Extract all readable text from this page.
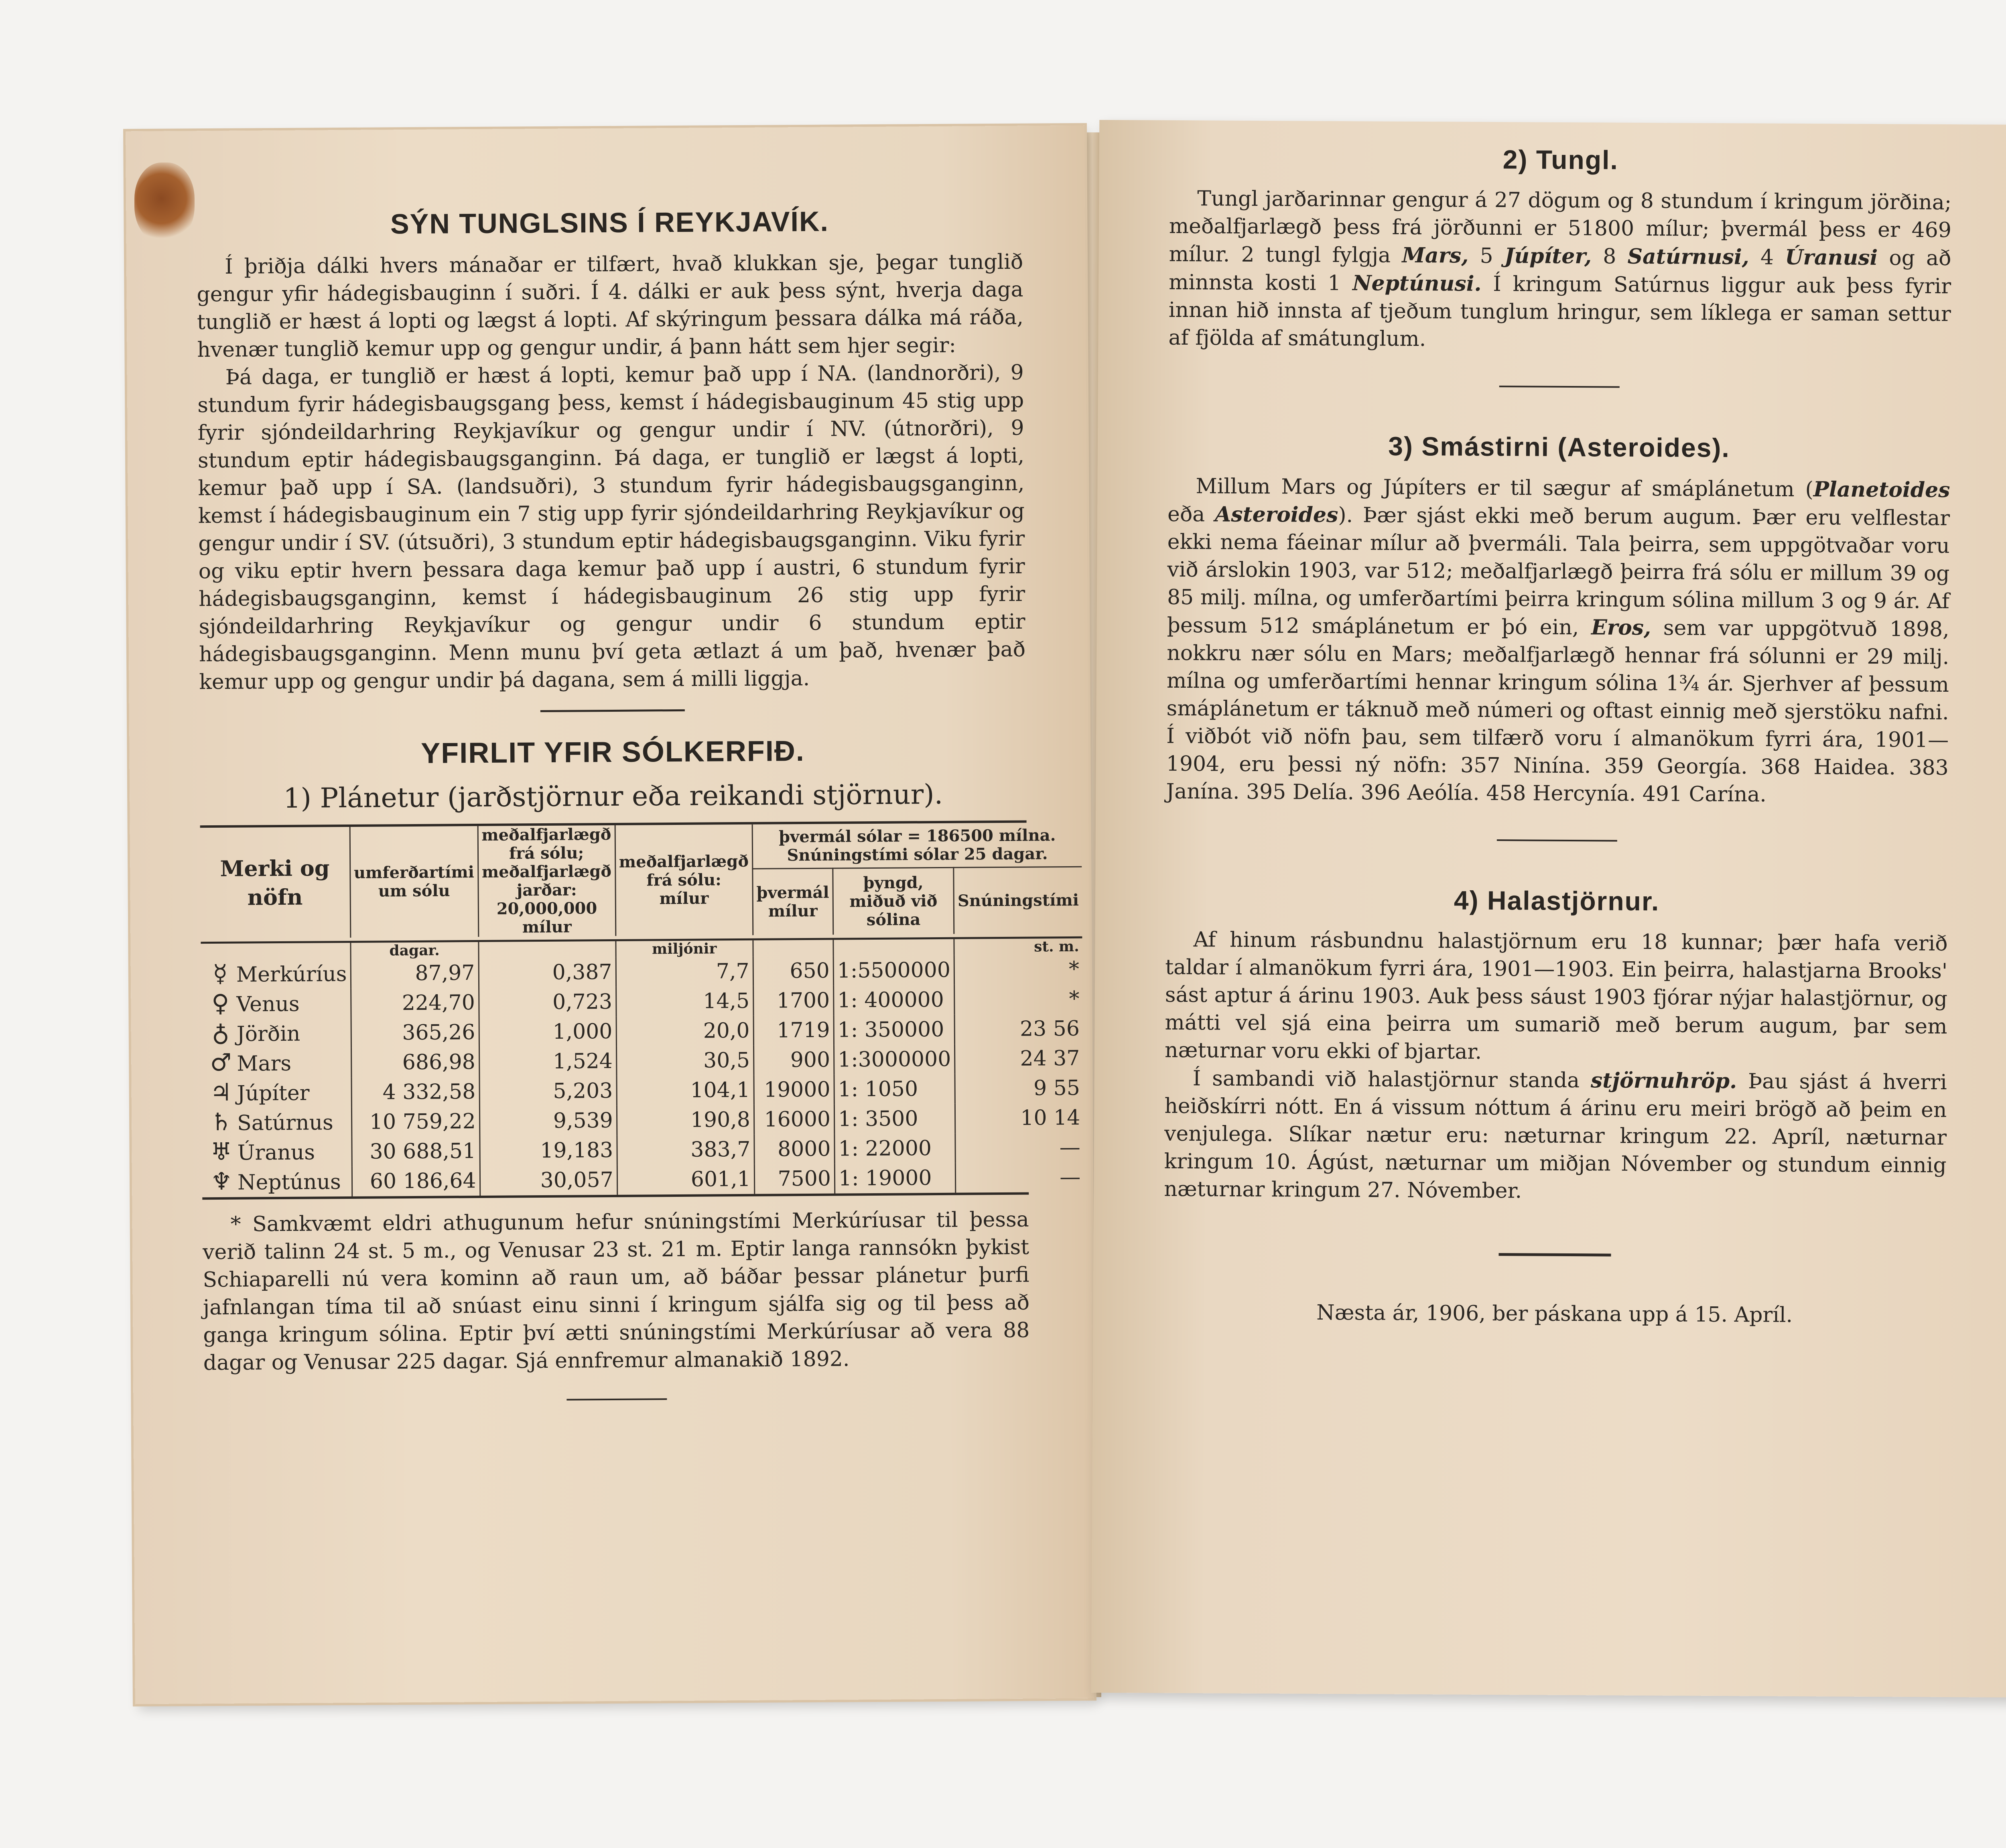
SÝN TUNGLSINS Í REYKJAVÍK.

Í þriðja dálki hvers mánaðar er tilfært, hvað klukkan sje, þegar tunglið gengur yfir hádegisbauginn í suðri. Í 4. dálki er auk þess sýnt, hverja daga tunglið er hæst á lopti og lægst á lopti. Af skýringum þessara dálka má ráða, hvenær tunglið kemur upp og gengur undir, á þann hátt sem hjer segir:

Þá daga, er tunglið er hæst á lopti, kemur það upp í NA. (landnorðri), 9 stundum fyrir hádegisbaugsgang þess, kemst í hádegisbauginum 45 stig upp fyrir sjóndeildarhring Reykjavíkur og gengur undir í NV. (útnorðri), 9 stundum eptir hádegisbaugsganginn. Þá daga, er tunglið er lægst á lopti, kemur það upp í SA. (landsuðri), 3 stundum fyrir hádegisbaugsganginn, kemst í hádegisbauginum ein 7 stig upp fyrir sjóndeildarhring Reykjavíkur og gengur undir í SV. (útsuðri), 3 stundum eptir hádegisbaugsganginn. Viku fyrir og viku eptir hvern þessara daga kemur það upp í austri, 6 stundum fyrir hádegisbaugsganginn, kemst í hádegisbauginum 26 stig upp fyrir sjóndeildarhring Reykjavíkur og gengur undir 6 stundum eptir hádegisbaugsganginn. Menn munu því geta ætlazt á um það, hvenær það kemur upp og gengur undir þá dagana, sem á milli liggja.

YFIRLIT YFIR SÓLKERFIÐ.

1) Plánetur (jarðstjörnur eða reikandi stjörnur).

Merki og nöfn	umferðartími um sólu	meðalfjarlægð frá sólu; meðalfjarlægð jarðar: 20,000,000 mílur	meðalfjarlægð frá sólu: mílur	þvermál sólar = 186500 mílna. Snúningstími sólar 25 dagar.		
				þvermál mílur	þyngd, miðuð við sólina	Snúningstími

	dagar.		miljónir			st. m.
☿ Merkúríus	87,97	0,387	7,7	650	1:5500000	*
♀ Venus	224,70	0,723	14,5	1700	1: 400000	*
♁ Jörðin	365,26	1,000	20,0	1719	1: 350000	23 56
♂ Mars	686,98	1,524	30,5	900	1:3000000	24 37
♃ Júpíter	4 332,58	5,203	104,1	19000	1: 1050	9 55
♄ Satúrnus	10 759,22	9,539	190,8	16000	1: 3500	10 14
♅ Úranus	30 688,51	19,183	383,7	8000	1: 22000	—
♆ Neptúnus	60 186,64	30,057	601,1	7500	1: 19000	—

* Samkvæmt eldri athugunum hefur snúningstími Merkúríusar til þessa verið talinn 24 st. 5 m., og Venusar 23 st. 21 m. Eptir langa rannsókn þykist Schiaparelli nú vera kominn að raun um, að báðar þessar plánetur þurfi jafnlangan tíma til að snúast einu sinni í kringum sjálfa sig og til þess að ganga kringum sólina. Eptir því ætti snúningstími Merkúríusar að vera 88 dagar og Venusar 225 dagar. Sjá ennfremur almanakið 1892.

2) Tungl.

Tungl jarðarinnar gengur á 27 dögum og 8 stundum í kringum jörðina; meðalfjarlægð þess frá jörðunni er 51800 mílur; þvermál þess er 469 mílur. 2 tungl fylgja Mars, 5 Júpíter, 8 Satúrnusi, 4 Úranusi og að minnsta kosti 1 Neptúnusi. Í kringum Satúrnus liggur auk þess fyrir innan hið innsta af tjeðum tunglum hringur, sem líklega er saman settur af fjölda af smátunglum.

3) Smástirni (Asteroides).

Millum Mars og Júpíters er til sægur af smáplánetum (Planetoides eða Asteroides). Þær sjást ekki með berum augum. Þær eru velflestar ekki nema fáeinar mílur að þvermáli. Tala þeirra, sem uppgötvaðar voru við árslokin 1903, var 512; meðalfjarlægð þeirra frá sólu er millum 39 og 85 milj. mílna, og umferðartími þeirra kringum sólina millum 3 og 9 ár. Af þessum 512 smáplánetum er þó ein, Eros, sem var uppgötvuð 1898, nokkru nær sólu en Mars; meðalfjarlægð hennar frá sólunni er 29 milj. mílna og umferðartími hennar kringum sólina 1¾ ár. Sjerhver af þessum smáplánetum er táknuð með númeri og oftast einnig með sjerstöku nafni. Í viðbót við nöfn þau, sem tilfærð voru í almanökum fyrri ára, 1901—1904, eru þessi ný nöfn: 357 Ninína. 359 Georgía. 368 Haidea. 383 Janína. 395 Delía. 396 Aeólía. 458 Hercynía. 491 Carína.

4) Halastjörnur.

Af hinum rásbundnu halastjörnum eru 18 kunnar; þær hafa verið taldar í almanökum fyrri ára, 1901—1903. Ein þeirra, halastjarna Brooks' sást aptur á árinu 1903. Auk þess sáust 1903 fjórar nýjar halastjörnur, og mátti vel sjá eina þeirra um sumarið með berum augum, þar sem næturnar voru ekki of bjartar.

Í sambandi við halastjörnur standa stjörnuhröp. Þau sjást á hverri heiðskírri nótt. En á vissum nóttum á árinu eru meiri brögð að þeim en venjulega. Slíkar nætur eru: næturnar kringum 22. Apríl, næturnar kringum 10. Ágúst, næturnar um miðjan Nóvember og stundum einnig næturnar kringum 27. Nóvember.

Næsta ár, 1906, ber páskana upp á 15. Apríl.
